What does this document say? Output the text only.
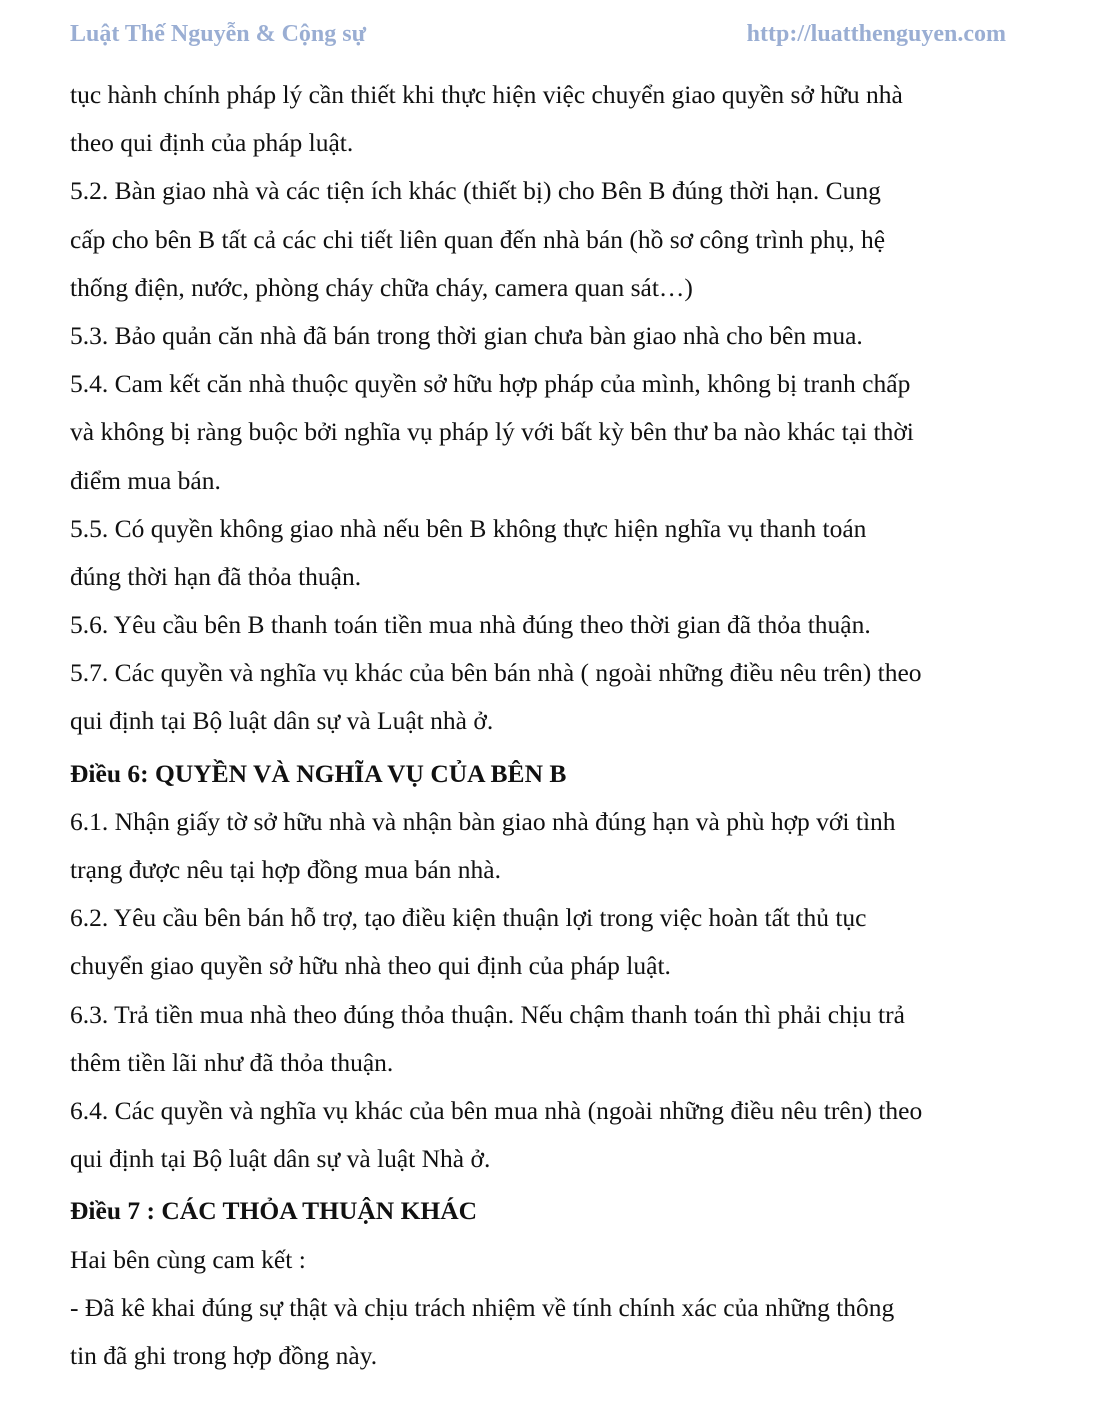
Luật Thế Nguyễn & Cộng sự	http://luatthenguyen.com
tục hành chính pháp lý cần thiết khi thực hiện việc chuyển giao quyền sở hữu nhà
theo qui định của pháp luật.
5.2. Bàn giao nhà và các tiện ích khác (thiết bị) cho Bên B đúng thời hạn. Cung
cấp cho bên B tất cả các chi tiết liên quan đến nhà bán (hồ sơ công trình phụ, hệ
thống điện, nước, phòng cháy chữa cháy, camera quan sát…)
5.3. Bảo quản căn nhà đã bán trong thời gian chưa bàn giao nhà cho bên mua.
5.4. Cam kết căn nhà thuộc quyền sở hữu hợp pháp của mình, không bị tranh chấp
và không bị ràng buộc bởi nghĩa vụ pháp lý với bất kỳ bên thư ba nào khác tại thời
điểm mua bán.
5.5. Có quyền không giao nhà nếu bên B không thực hiện nghĩa vụ thanh toán
đúng thời hạn đã thỏa thuận.
5.6. Yêu cầu bên B thanh toán tiền mua nhà đúng theo thời gian đã thỏa thuận.
5.7. Các quyền và nghĩa vụ khác của bên bán nhà ( ngoài những điều nêu trên) theo
qui định tại Bộ luật dân sự và Luật nhà ở.
Điều 6: QUYỀN VÀ NGHĨA VỤ CỦA BÊN B
6.1. Nhận giấy tờ sở hữu nhà và nhận bàn giao nhà đúng hạn và phù hợp với tình
trạng được nêu tại hợp đồng mua bán nhà.
6.2. Yêu cầu bên bán hỗ trợ, tạo điều kiện thuận lợi trong việc hoàn tất thủ tục
chuyển giao quyền sở hữu nhà theo qui định của pháp luật.
6.3. Trả tiền mua nhà theo đúng thỏa thuận. Nếu chậm thanh toán thì phải chịu trả
thêm tiền lãi như đã thỏa thuận.
6.4. Các quyền và nghĩa vụ khác của bên mua nhà (ngoài những điều nêu trên) theo
qui định tại Bộ luật dân sự và luật Nhà ở.
Điều 7 : CÁC THỎA THUẬN KHÁC
Hai bên cùng cam kết :
- Đã kê khai đúng sự thật và chịu trách nhiệm về tính chính xác của những thông
tin đã ghi trong hợp đồng này.
